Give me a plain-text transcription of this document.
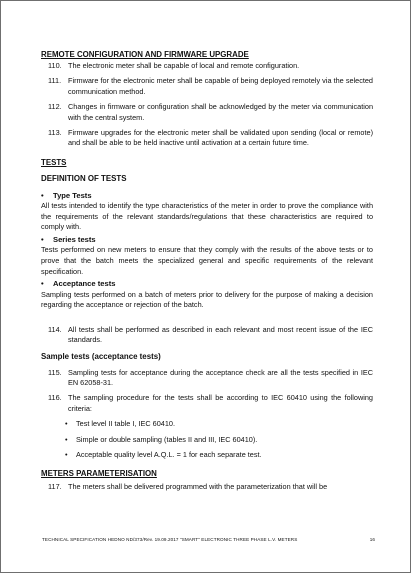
REMOTE CONFIGURATION AND FIRMWARE UPGRADE
110. The electronic meter shall be capable of local and remote configuration.
111. Firmware for the electronic meter shall be capable of being deployed remotely via the selected communication method.
112. Changes in firmware or configuration shall be acknowledged by the meter via communication with the central system.
113. Firmware upgrades for the electronic meter shall be validated upon sending (local or remote) and shall be able to be held inactive until activation at a certain future time.
TESTS
DEFINITION OF TESTS
•	Type Tests
All tests intended to identify the type characteristics of the meter in order to prove the compliance with the requirements of the relevant standards/regulations that these characteristics are required to comply with.
•	Series tests
Tests performed on new meters to ensure that they comply with the results of the above tests or to prove that the batch meets the specialized general and specific requirements of the relevant specification.
•	Acceptance tests
Sampling tests performed on a batch of meters prior to delivery for the purpose of making a decision regarding the acceptance or rejection of the batch.
114. All tests shall be performed as described in each relevant and most recent issue of the IEC standards.
Sample tests (acceptance tests)
115. Sampling tests for acceptance during the acceptance check are all the tests specified in IEC EN 62058-31.
116. The sampling procedure for the tests shall be according to IEC 60410 using the following criteria:
•	Test level II table I, IEC 60410.
•	Simple or double sampling (tables II and III, IEC 60410).
•	Acceptable quality level A.Q.L. = 1 for each separate test.
METERS PARAMETERISATION
117. The meters shall be delivered programmed with the parameterization that will be
TECHNICAL SPECIFICATION HEDNO ND/373/Rev. 19.09.2017 "SMART" ELECTRONIC THREE PHASE L.V. METERS	16
